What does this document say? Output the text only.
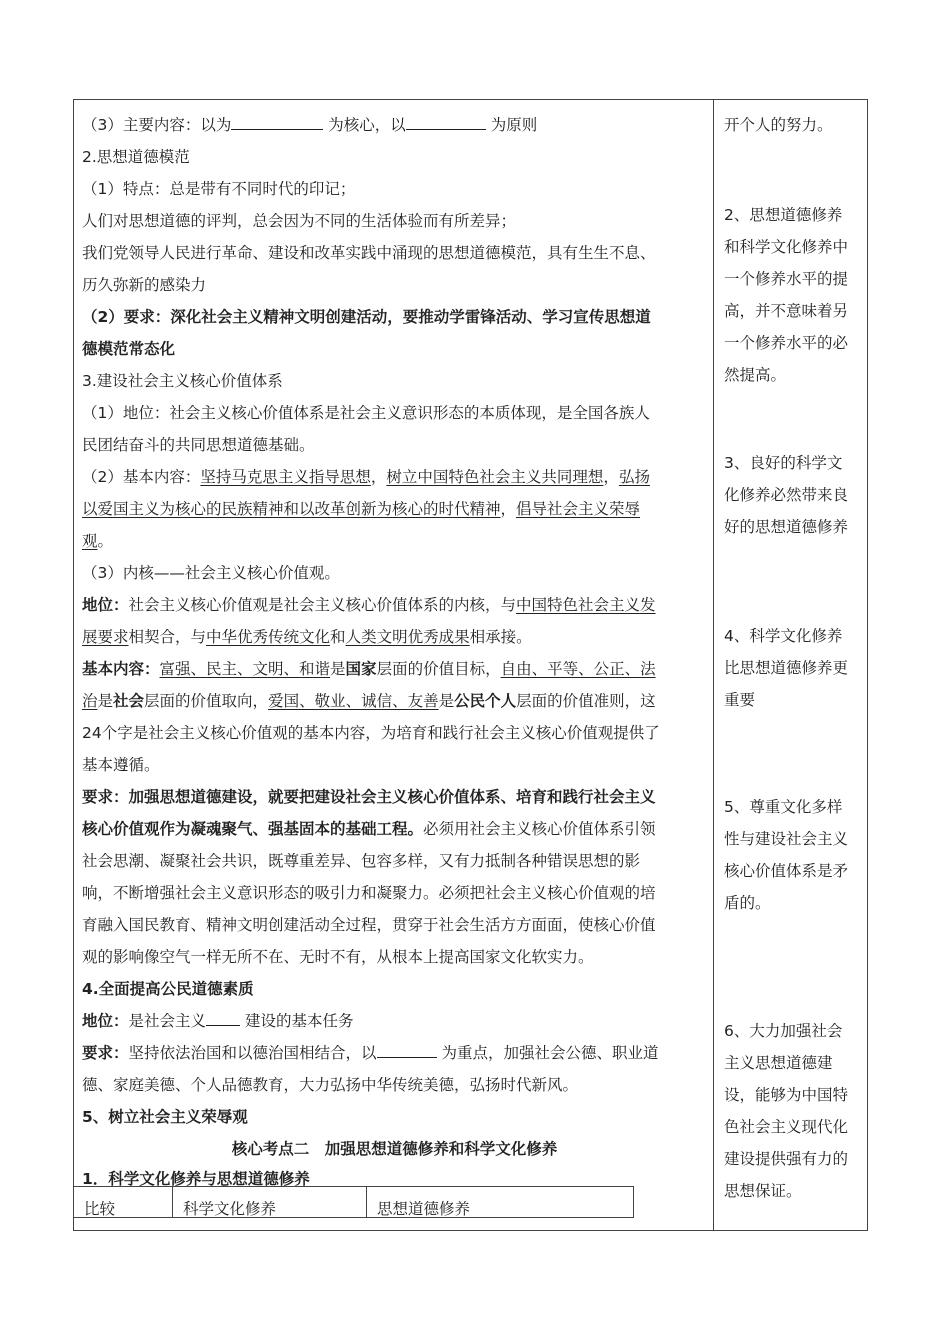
（3）主要内容：以为	为核心，以	为原则
2.思想道德模范
（1）特点：总是带有不同时代的印记；
人们对思想道德的评判，总会因为不同的生活体验而有所差异；
我们党领导人民进行革命、建设和改革实践中涌现的思想道德模范，具有生生不息、
历久弥新的感染力
（2）要求：深化社会主义精神文明创建活动，要推动学雷锋活动、学习宣传思想道
德模范常态化
3.建设社会主义核心价值体系
（1）地位：社会主义核心价值体系是社会主义意识形态的本质体现，是全国各族人
民团结奋斗的共同思想道德基础。
（2）基本内容：坚持马克思主义指导思想，树立中国特色社会主义共同理想，弘扬
以爱国主义为核心的民族精神和以改革创新为核心的时代精神，倡导社会主义荣辱
观。
（3）内核——社会主义核心价值观。
地位：社会主义核心价值观是社会主义核心价值体系的内核，与中国特色社会主义发
展要求相契合，与中华优秀传统文化和人类文明优秀成果相承接。
基本内容：富强、民主、文明、和谐是国家层面的价值目标，自由、平等、公正、法
治是社会层面的价值取向，爱国、敬业、诚信、友善是公民个人层面的价值准则，这
24个字是社会主义核心价值观的基本内容，为培育和践行社会主义核心价值观提供了
基本遵循。
要求：加强思想道德建设，就要把建设社会主义核心价值体系、培育和践行社会主义
核心价值观作为凝魂聚气、强基固本的基础工程。必须用社会主义核心价值体系引领
社会思潮、凝聚社会共识，既尊重差异、包容多样，又有力抵制各种错误思想的影
响，不断增强社会主义意识形态的吸引力和凝聚力。必须把社会主义核心价值观的培
育融入国民教育、精神文明创建活动全过程，贯穿于社会生活方方面面，使核心价值
观的影响像空气一样无所不在、无时不有，从根本上提高国家文化软实力。
4.全面提高公民道德素质
地位：是社会主义 建设的基本任务
要求：坚持依法治国和以德治国相结合，以	为重点，加强社会公德、职业道
德、家庭美德、个人品德教育，大力弘扬中华传统美德，弘扬时代新风。
5、树立社会主义荣辱观
核心考点二　加强思想道德修养和科学文化修养
1．科学文化修养与思想道德修养
比较	科学文化修养	思想道德修养
开个人的努力。
2、思想道德修养
和科学文化修养中
一个修养水平的提
高，并不意味着另
一个修养水平的必
然提高。
3、良好的科学文
化修养必然带来良
好的思想道德修养
4、科学文化修养
比思想道德修养更
重要
5、尊重文化多样
性与建设社会主义
核心价值体系是矛
盾的。
6、大力加强社会
主义思想道德建
设，能够为中国特
色社会主义现代化
建设提供强有力的
思想保证。
